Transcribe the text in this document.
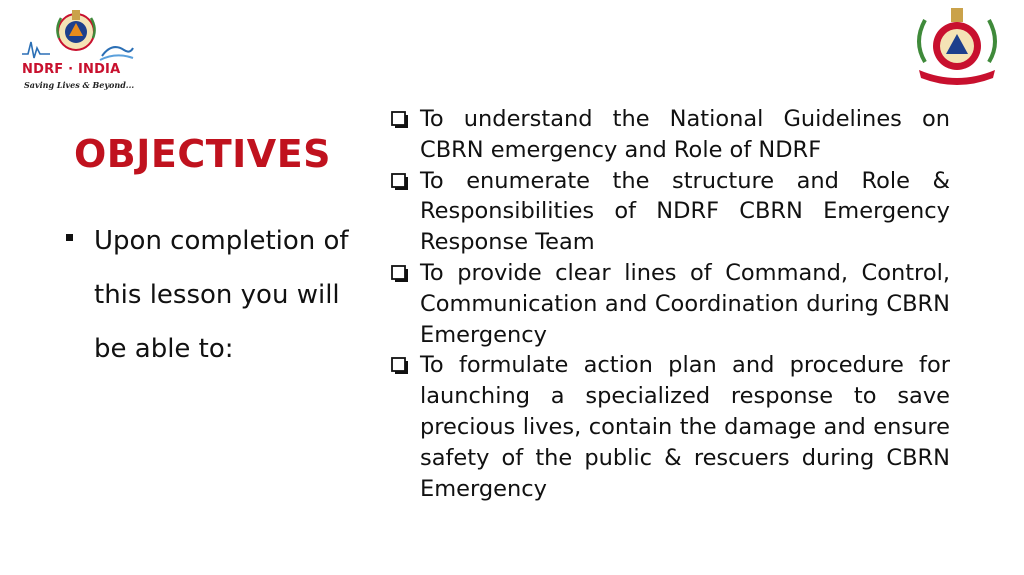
NDRF · INDIA
Saving Lives & Beyond...
OBJECTIVES
Upon completion of this lesson you will be able to:
To understand the National Guidelines on CBRN emergency and Role of NDRF
To enumerate the structure and Role & Responsibilities of NDRF CBRN Emergency Response Team
To provide clear lines of Command, Control, Communication and Coordination during CBRN Emergency
To formulate action plan and procedure for launching a specialized response to save precious lives, contain the damage and ensure safety of the public & rescuers during CBRN Emergency
